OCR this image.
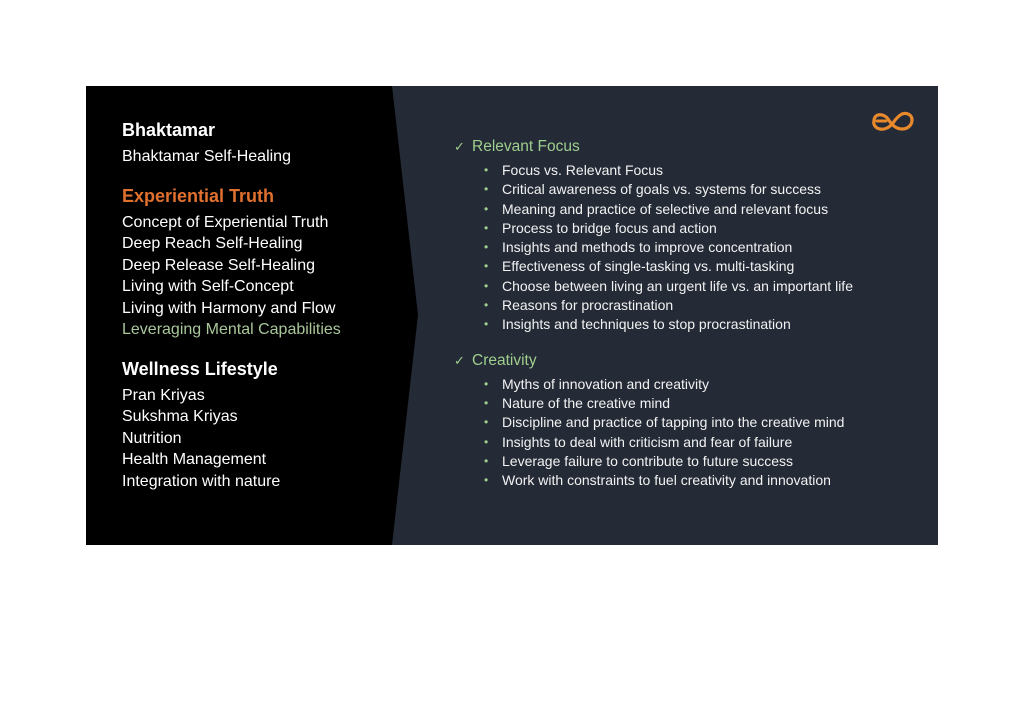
Bhaktamar
Bhaktamar Self-Healing
Experiential Truth
Concept of Experiential Truth
Deep Reach Self-Healing
Deep Release Self-Healing
Living with Self-Concept
Living with Harmony and Flow
Leveraging Mental Capabilities
Wellness Lifestyle
Pran Kriyas
Sukshma Kriyas
Nutrition
Health Management
Integration with nature
✓ Relevant Focus
• Focus vs. Relevant Focus
• Critical awareness of goals vs. systems for success
• Meaning and practice of selective and relevant focus
• Process to bridge focus and action
• Insights and methods to improve concentration
• Effectiveness of single-tasking vs. multi-tasking
• Choose between living an urgent life vs. an important life
• Reasons for procrastination
• Insights and techniques to stop procrastination
✓ Creativity
• Myths of innovation and creativity
• Nature of the creative mind
• Discipline and practice of tapping into the creative mind
• Insights to deal with criticism and fear of failure
• Leverage failure to contribute to future success
• Work with constraints to fuel creativity and innovation
